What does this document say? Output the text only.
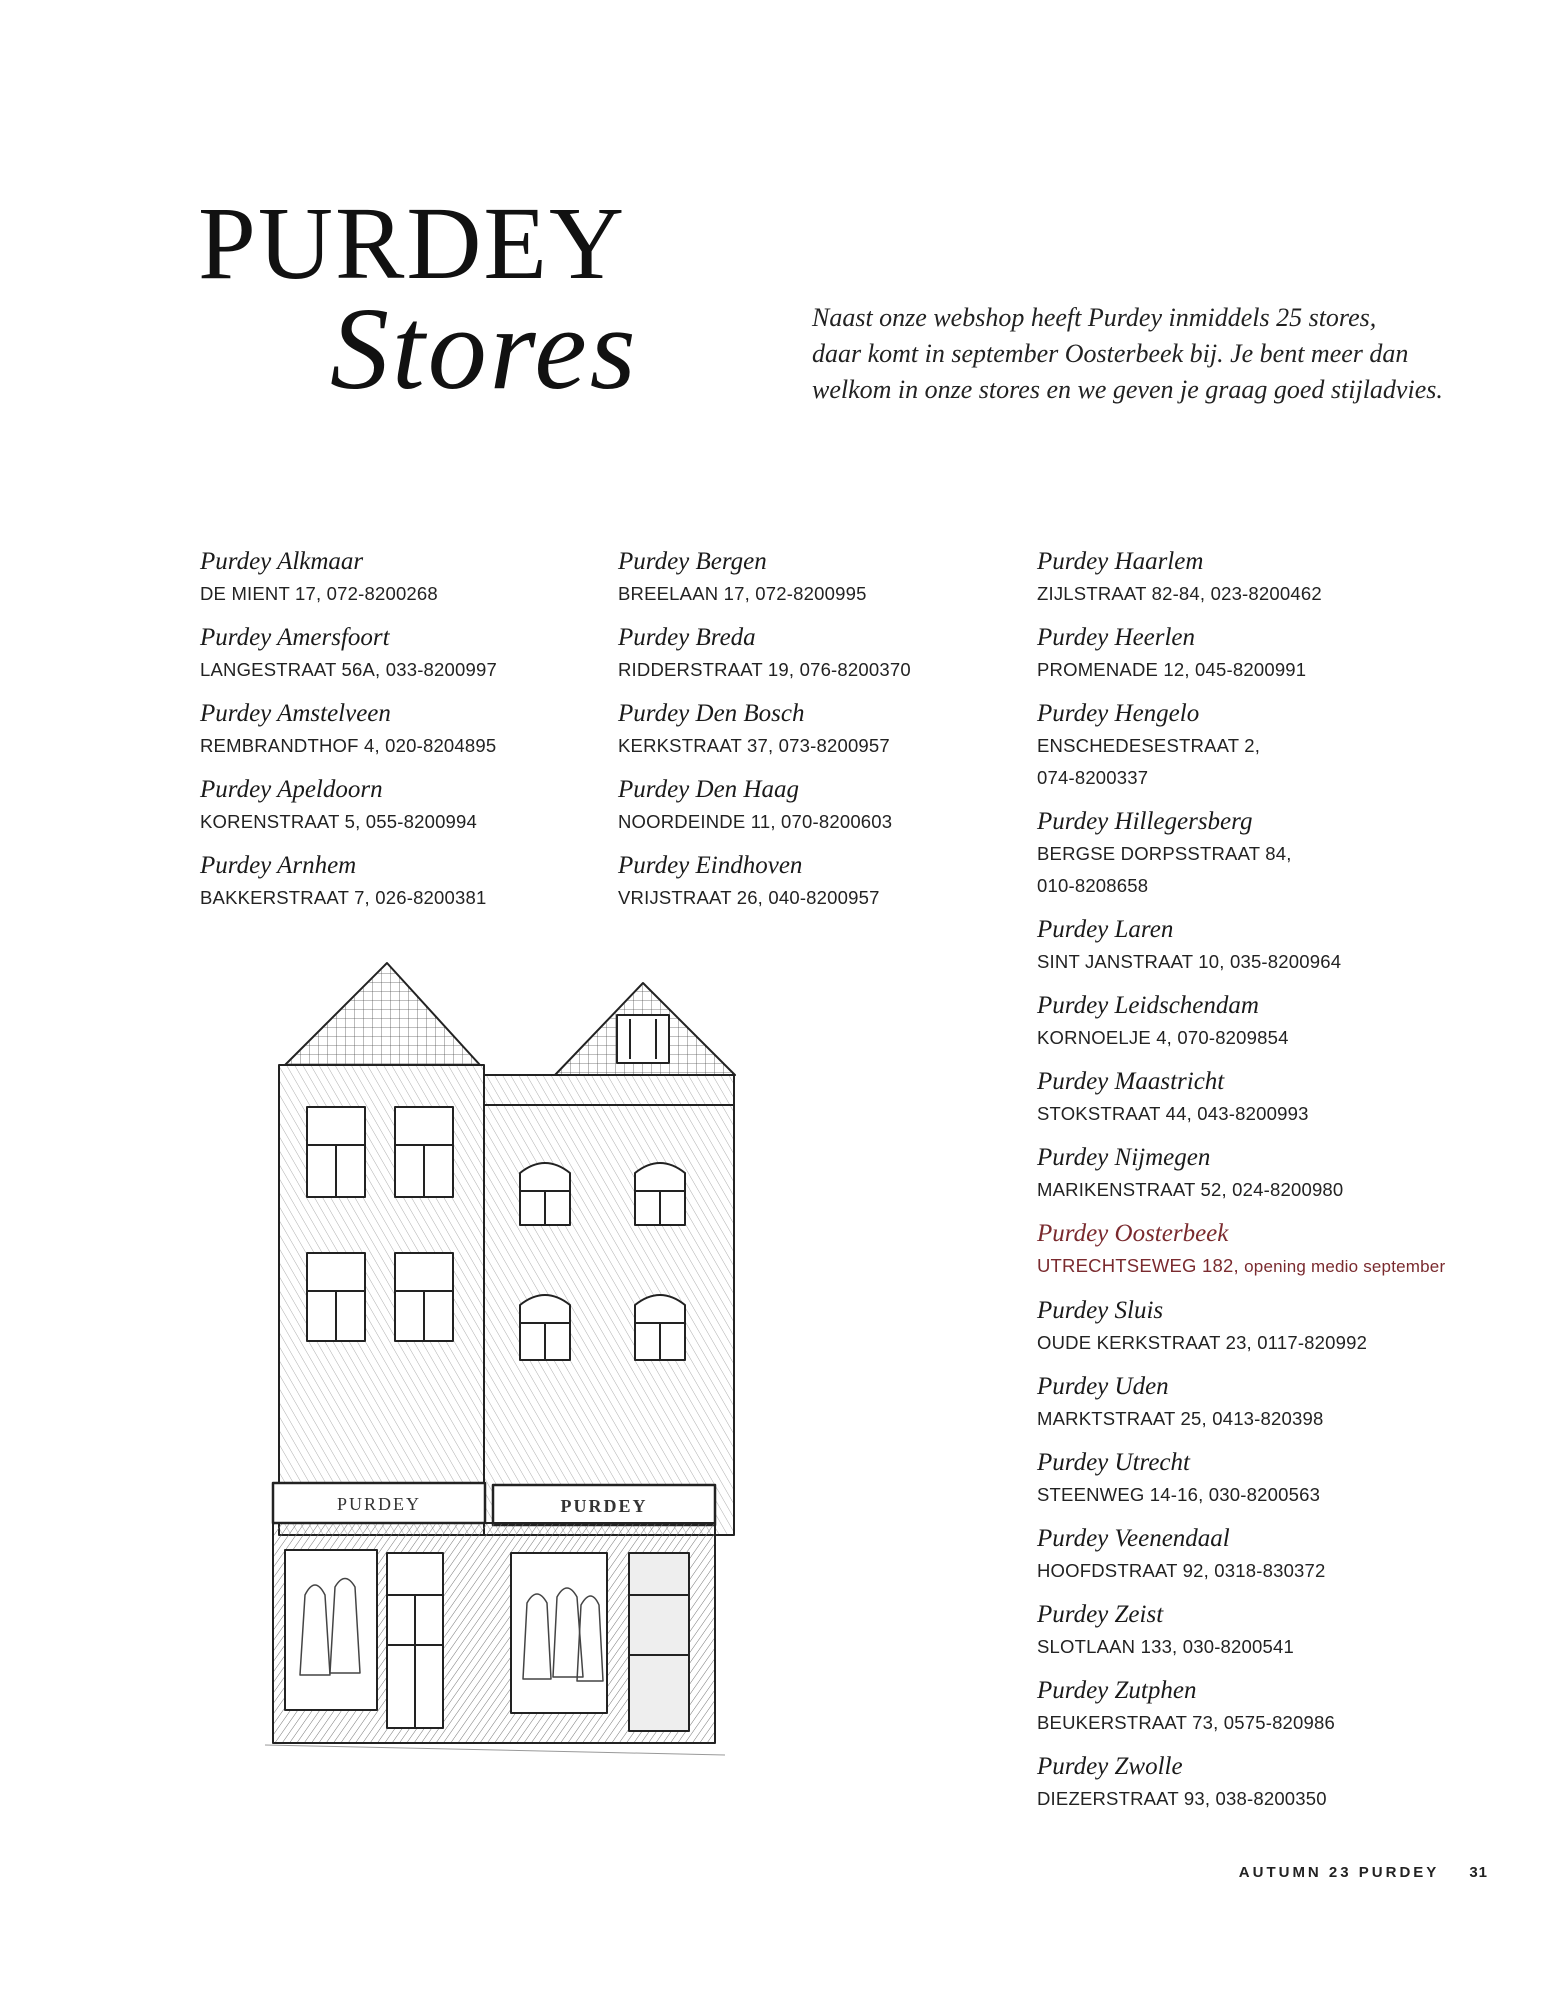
PURDEY
Stores	Naast onze webshop heeft Purdey inmiddels 25 stores,
daar komt in september Oosterbeek bij. Je bent meer dan
welkom in onze stores en we geven je graag goed stijladvies.
Purdey Alkmaar
DE MIENT 17, 072-8200268
Purdey Amersfoort
LANGESTRAAT 56A, 033-8200997
Purdey Amstelveen
REMBRANDTHOF 4, 020-8204895
Purdey Apeldoorn
KORENSTRAAT 5, 055-8200994
Purdey Arnhem
BAKKERSTRAAT 7, 026-8200381
Purdey Bergen
BREELAAN 17, 072-8200995
Purdey Breda
RIDDERSTRAAT 19, 076-8200370
Purdey Den Bosch
KERKSTRAAT 37, 073-8200957
Purdey Den Haag
NOORDEINDE 11, 070-8200603
Purdey Eindhoven
VRIJSTRAAT 26, 040-8200957
Purdey Haarlem
ZIJLSTRAAT 82-84, 023-8200462
Purdey Heerlen
PROMENADE 12, 045-8200991
Purdey Hengelo
ENSCHEDESESTRAAT 2,
074-8200337
Purdey Hillegersberg
BERGSE DORPSSTRAAT 84,
010-8208658
Purdey Laren
SINT JANSTRAAT 10, 035-8200964
Purdey Leidschendam
KORNOELJE 4, 070-8209854
Purdey Maastricht
STOKSTRAAT 44, 043-8200993
Purdey Nijmegen
MARIKENSTRAAT 52, 024-8200980
Purdey Oosterbeek
UTRECHTSEWEG 182, opening medio september
Purdey Sluis
OUDE KERKSTRAAT 23, 0117-820992
Purdey Uden
MARKTSTRAAT 25, 0413-820398
Purdey Utrecht
STEENWEG 14-16, 030-8200563
Purdey Veenendaal
HOOFDSTRAAT 92, 0318-830372
Purdey Zeist
SLOTLAAN 133, 030-8200541
Purdey Zutphen
BEUKERSTRAAT 73, 0575-820986
Purdey Zwolle
DIEZERSTRAAT 93, 038-8200350
PURDEY	PURDEY
AUTUMN 23 PURDEY 31
